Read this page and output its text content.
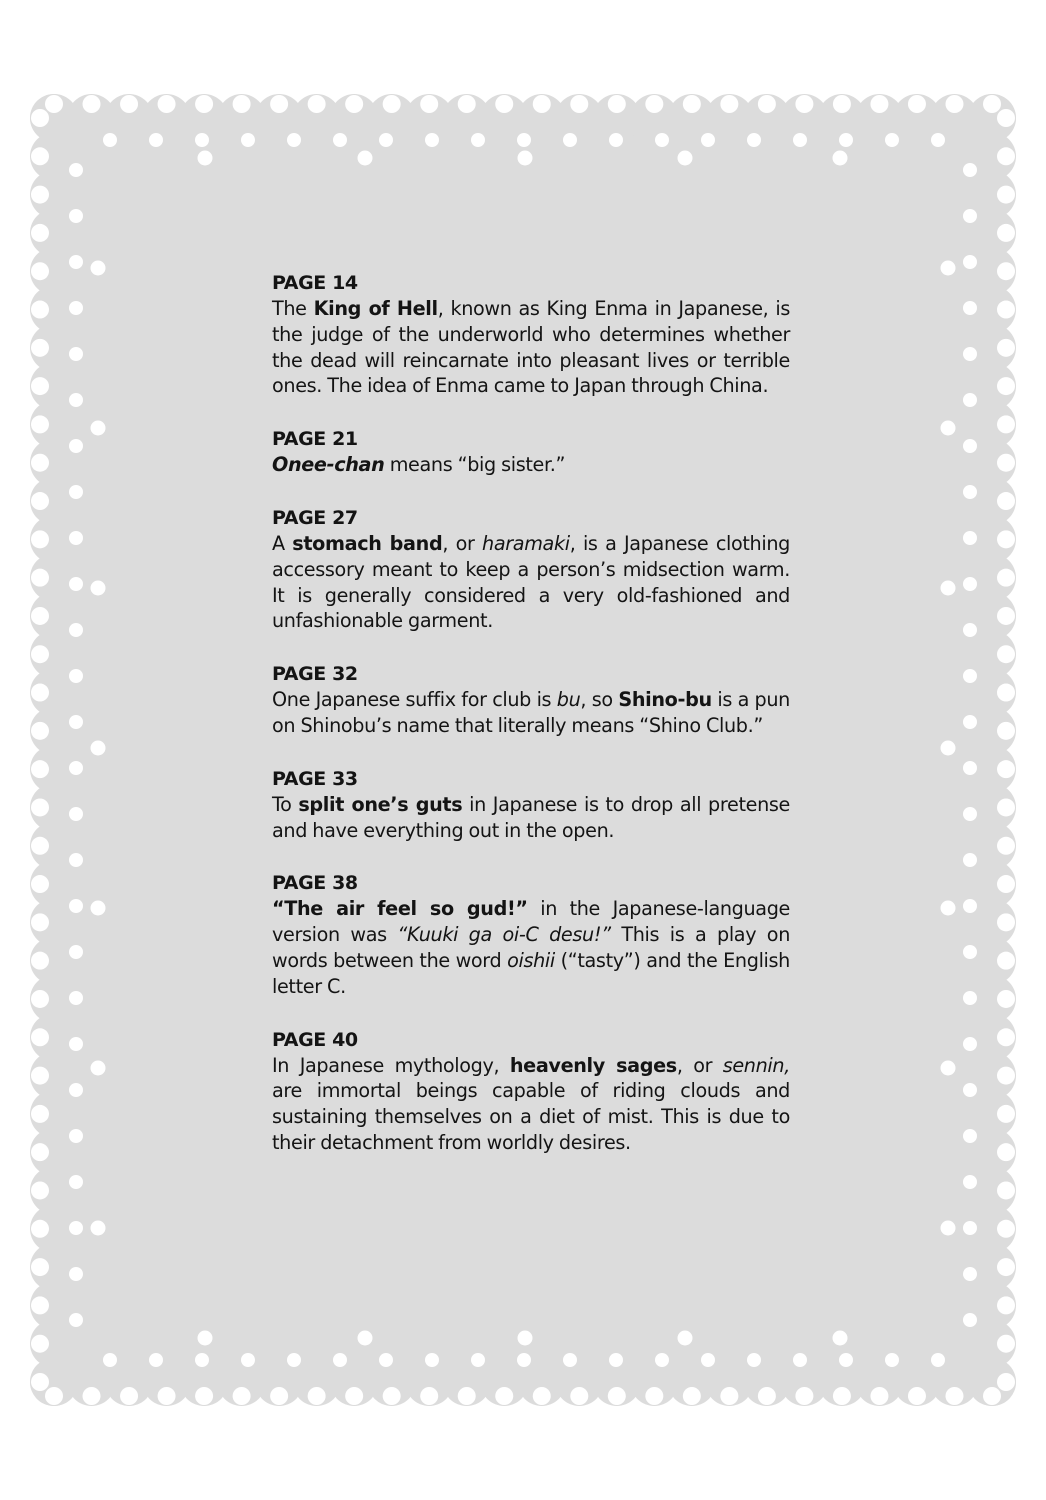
PAGE 14
The King of Hell, known as King Enma in Japanese, is the judge of the underworld who determines whether the dead will reincarnate into pleasant lives or terrible ones. The idea of Enma came to Japan through China.
PAGE 21
Onee-chan means “big sister.”
PAGE 27
A stomach band, or haramaki, is a Japanese clothing accessory meant to keep a person’s midsection warm. It is generally considered a very old-fashioned and unfashionable garment.
PAGE 32
One Japanese suffix for club is bu, so Shino-bu is a pun on Shinobu’s name that literally means “Shino Club.”
PAGE 33
To split one’s guts in Japanese is to drop all pretense and have everything out in the open.
PAGE 38
“The air feel so gud!” in the Japanese-language version was “Kuuki ga oi-C desu!” This is a play on words between the word oishii (“tasty”) and the English letter C.
PAGE 40
In Japanese mythology, heavenly sages, or sennin, are immortal beings capable of riding clouds and sustaining themselves on a diet of mist. This is due to their detachment from worldly desires.
